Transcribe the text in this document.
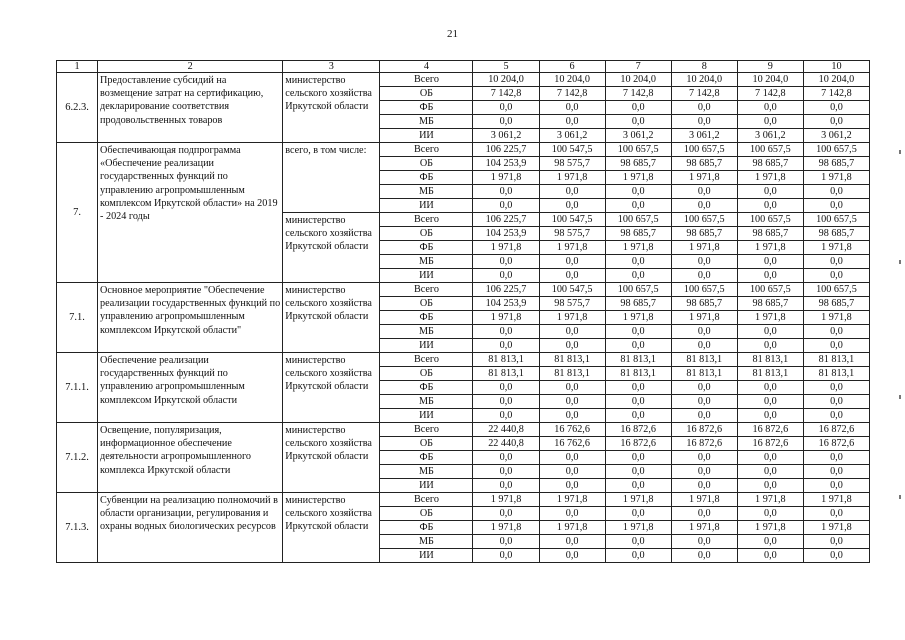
21
1	2	3	4	5	6	7	8	9	10
6.2.3.	Предоставление субсидий на возмещение затрат на сертификацию, декларирование соответствия продовольственных товаров	министерство сельского хозяйства Иркутской области	Всего	10 204,0	10 204,0	10 204,0	10 204,0	10 204,0	10 204,0
			ОБ	7 142,8	7 142,8	7 142,8	7 142,8	7 142,8	7 142,8
			ФБ	0,0	0,0	0,0	0,0	0,0	0,0
			МБ	0,0	0,0	0,0	0,0	0,0	0,0
			ИИ	3 061,2	3 061,2	3 061,2	3 061,2	3 061,2	3 061,2
7.	Обеспечивающая подпрограмма «Обеспечение реализации государственных функций по управлению агропромышленным комплексом Иркутской области» на 2019 - 2024 годы	всего, в том числе:	Всего	106 225,7	100 547,5	100 657,5	100 657,5	100 657,5	100 657,5
			ОБ	104 253,9	98 575,7	98 685,7	98 685,7	98 685,7	98 685,7
			ФБ	1 971,8	1 971,8	1 971,8	1 971,8	1 971,8	1 971,8
			МБ	0,0	0,0	0,0	0,0	0,0	0,0
			ИИ	0,0	0,0	0,0	0,0	0,0	0,0
		министерство сельского хозяйства Иркутской области	Всего	106 225,7	100 547,5	100 657,5	100 657,5	100 657,5	100 657,5
			ОБ	104 253,9	98 575,7	98 685,7	98 685,7	98 685,7	98 685,7
			ФБ	1 971,8	1 971,8	1 971,8	1 971,8	1 971,8	1 971,8
			МБ	0,0	0,0	0,0	0,0	0,0	0,0
			ИИ	0,0	0,0	0,0	0,0	0,0	0,0
7.1.	Основное мероприятие "Обеспечение реализации государственных функций по управлению агропромышленным комплексом Иркутской области"	министерство сельского хозяйства Иркутской области	Всего	106 225,7	100 547,5	100 657,5	100 657,5	100 657,5	100 657,5
			ОБ	104 253,9	98 575,7	98 685,7	98 685,7	98 685,7	98 685,7
			ФБ	1 971,8	1 971,8	1 971,8	1 971,8	1 971,8	1 971,8
			МБ	0,0	0,0	0,0	0,0	0,0	0,0
			ИИ	0,0	0,0	0,0	0,0	0,0	0,0
7.1.1.	Обеспечение реализации государственных функций по управлению агропромышленным комплексом Иркутской области	министерство сельского хозяйства Иркутской области	Всего	81 813,1	81 813,1	81 813,1	81 813,1	81 813,1	81 813,1
			ОБ	81 813,1	81 813,1	81 813,1	81 813,1	81 813,1	81 813,1
			ФБ	0,0	0,0	0,0	0,0	0,0	0,0
			МБ	0,0	0,0	0,0	0,0	0,0	0,0
			ИИ	0,0	0,0	0,0	0,0	0,0	0,0
7.1.2.	Освещение, популяризация, информационное обеспечение деятельности агропромышленного комплекса Иркутской области	министерство сельского хозяйства Иркутской области	Всего	22 440,8	16 762,6	16 872,6	16 872,6	16 872,6	16 872,6
			ОБ	22 440,8	16 762,6	16 872,6	16 872,6	16 872,6	16 872,6
			ФБ	0,0	0,0	0,0	0,0	0,0	0,0
			МБ	0,0	0,0	0,0	0,0	0,0	0,0
			ИИ	0,0	0,0	0,0	0,0	0,0	0,0
7.1.3.	Субвенции на реализацию полномочий в области организации, регулирования и охраны водных биологических ресурсов	министерство сельского хозяйства Иркутской области	Всего	1 971,8	1 971,8	1 971,8	1 971,8	1 971,8	1 971,8
			ОБ	0,0	0,0	0,0	0,0	0,0	0,0
			ФБ	1 971,8	1 971,8	1 971,8	1 971,8	1 971,8	1 971,8
			МБ	0,0	0,0	0,0	0,0	0,0	0,0
			ИИ	0,0	0,0	0,0	0,0	0,0	0,0
